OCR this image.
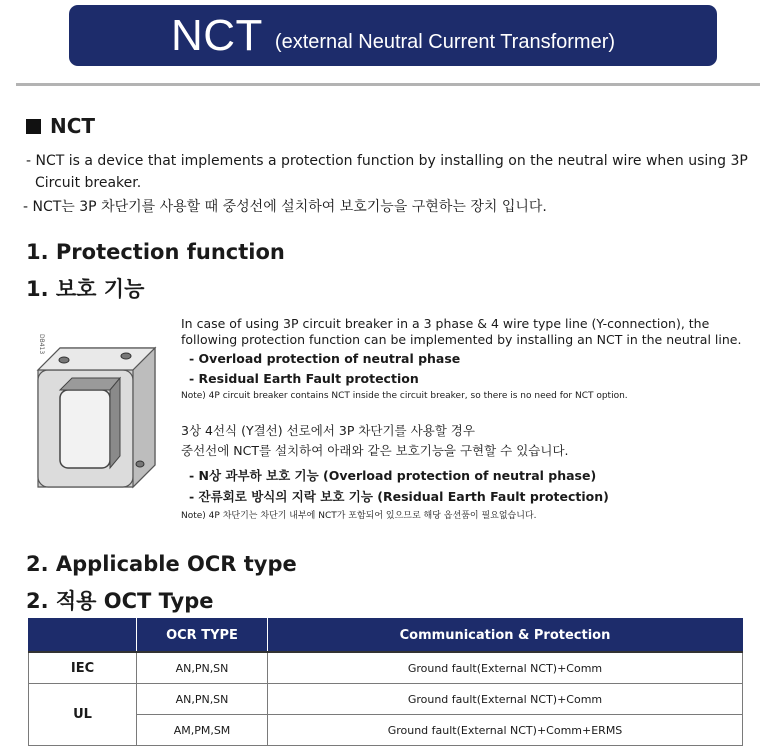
NCT (external Neutral Current Transformer)
NCT
- NCT is a device that implements a protection function by installing on the neutral wire when using 3P
Circuit breaker.
- NCT는 3P 차단기를 사용할 때 중성선에 설치하여 보호기능을 구현하는 장치 입니다.
1. Protection function
1. 보호 기능
DB413
In case of using 3P circuit breaker in a 3 phase & 4 wire type line (Y-connection), the
following protection function can be implemented by installing an NCT in the neutral line.
- Overload protection of neutral phase
- Residual Earth Fault protection
Note) 4P circuit breaker contains NCT inside the circuit breaker, so there is no need for NCT option.
3상 4선식 (Y결선) 선로에서 3P 차단기를 사용할 경우
중선선에 NCT를 설치하여 아래와 같은 보호기능을 구현할 수 있습니다.
- N상 과부하 보호 기능 (Overload protection of neutral phase)
- 잔류회로 방식의 지락 보호 기능 (Residual Earth Fault protection)
Note) 4P 차단기는 차단기 내부에 NCT가 포함되어 있으므로 해당 옵션품이 필요없습니다.
2. Applicable OCR type
2. 적용 OCT Type
	OCR TYPE	Communication & Protection
IEC	AN,PN,SN	Ground fault(External NCT)+Comm
UL	AN,PN,SN	Ground fault(External NCT)+Comm
	AM,PM,SM	Ground fault(External NCT)+Comm+ERMS
